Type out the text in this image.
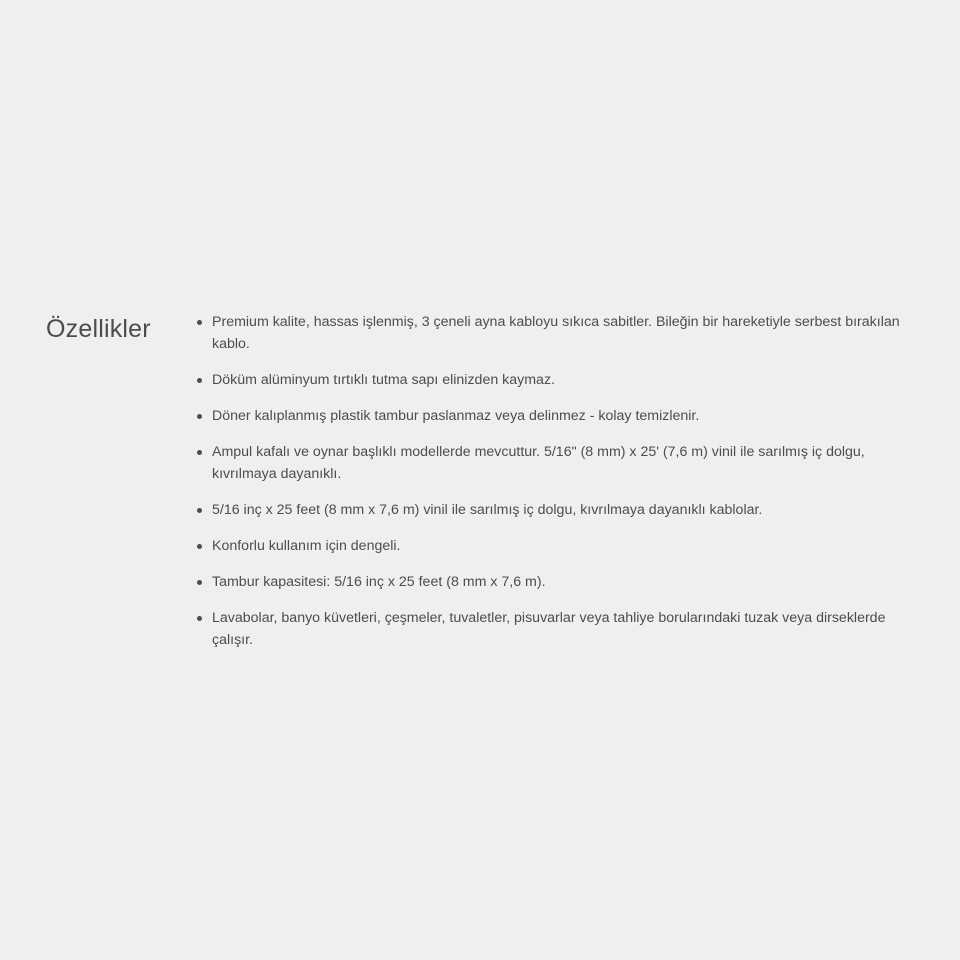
Özellikler	Premium kalite, hassas işlenmiş, 3 çeneli ayna kabloyu sıkıca sabitler. Bileğin bir hareketiyle serbest bırakılan kablo.
Döküm alüminyum tırtıklı tutma sapı elinizden kaymaz.
Döner kalıplanmış plastik tambur paslanmaz veya delinmez - kolay temizlenir.
Ampul kafalı ve oynar başlıklı modellerde mevcuttur. 5/16" (8 mm) x 25' (7,6 m) vinil ile sarılmış iç dolgu, kıvrılmaya dayanıklı.
5/16 inç x 25 feet (8 mm x 7,6 m) vinil ile sarılmış iç dolgu, kıvrılmaya dayanıklı kablolar.
Konforlu kullanım için dengeli.
Tambur kapasitesi: 5/16 inç x 25 feet (8 mm x 7,6 m).
Lavabolar, banyo küvetleri, çeşmeler, tuvaletler, pisuvarlar veya tahliye borularındaki tuzak veya dirseklerde çalışır.
